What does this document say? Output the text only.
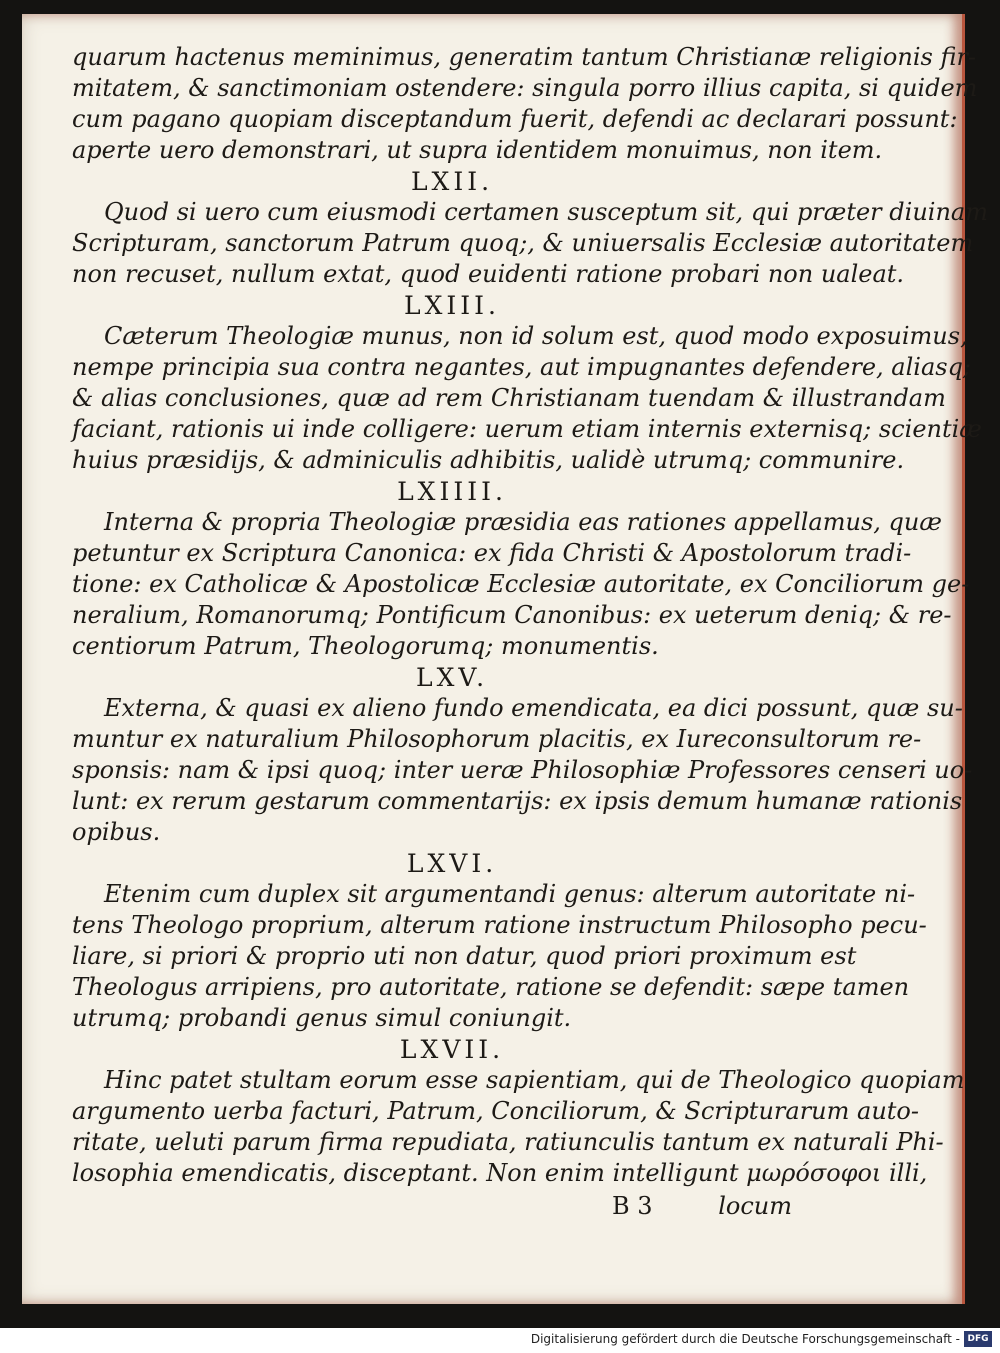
quarum hactenus meminimus, generatim tantum Christianæ religionis fir-
mitatem, & sanctimoniam ostendere: singula porro illius capita, si quidem
cum pagano quopiam disceptandum fuerit, defendi ac declarari possunt:
aperte uero demonstrari, ut supra identidem monuimus, non item.
LXII.
Quod si uero cum eiusmodi certamen susceptum sit, qui præter diuinam
Scripturam, sanctorum Patrum quoq;, & uniuersalis Ecclesiæ autoritatem
non recuset, nullum extat, quod euidenti ratione probari non ualeat.
LXIII.
Cæterum Theologiæ munus, non id solum est, quod modo exposuimus,
nempe principia sua contra negantes, aut impugnantes defendere, aliasq;
& alias conclusiones, quæ ad rem Christianam tuendam & illustrandam
faciant, rationis ui inde colligere: uerum etiam internis externisq; scientiæ
huius præsidijs, & adminiculis adhibitis, ualidè utrumq; communire.
LXIIII.
Interna & propria Theologiæ præsidia eas rationes appellamus, quæ
petuntur ex Scriptura Canonica: ex fida Christi & Apostolorum tradi-
tione: ex Catholicæ & Apostolicæ Ecclesiæ autoritate, ex Conciliorum ge-
neralium, Romanorumq; Pontificum Canonibus: ex ueterum deniq; & re-
centiorum Patrum, Theologorumq; monumentis.
LXV.
Externa, & quasi ex alieno fundo emendicata, ea dici possunt, quæ su-
muntur ex naturalium Philosophorum placitis, ex Iureconsultorum re-
sponsis: nam & ipsi quoq; inter ueræ Philosophiæ Professores censeri uo-
lunt: ex rerum gestarum commentarijs: ex ipsis demum humanæ rationis
opibus.
LXVI.
Etenim cum duplex sit argumentandi genus: alterum autoritate ni-
tens Theologo proprium, alterum ratione instructum Philosopho pecu-
liare, si priori & proprio uti non datur, quod priori proximum est
Theologus arripiens, pro autoritate, ratione se defendit: sæpe tamen
utrumq; probandi genus simul coniungit.
LXVII.
Hinc patet stultam eorum esse sapientiam, qui de Theologico quopiam
argumento uerba facturi, Patrum, Conciliorum, & Scripturarum auto-
ritate, ueluti parum firma repudiata, ratiunculis tantum ex naturali Phi-
losophia emendicatis, disceptant. Non enim intelligunt μωρόσοφοι illi,
B 3	locum
Digitalisierung gefördert durch die Deutsche Forschungsgemeinschaft - DFG
